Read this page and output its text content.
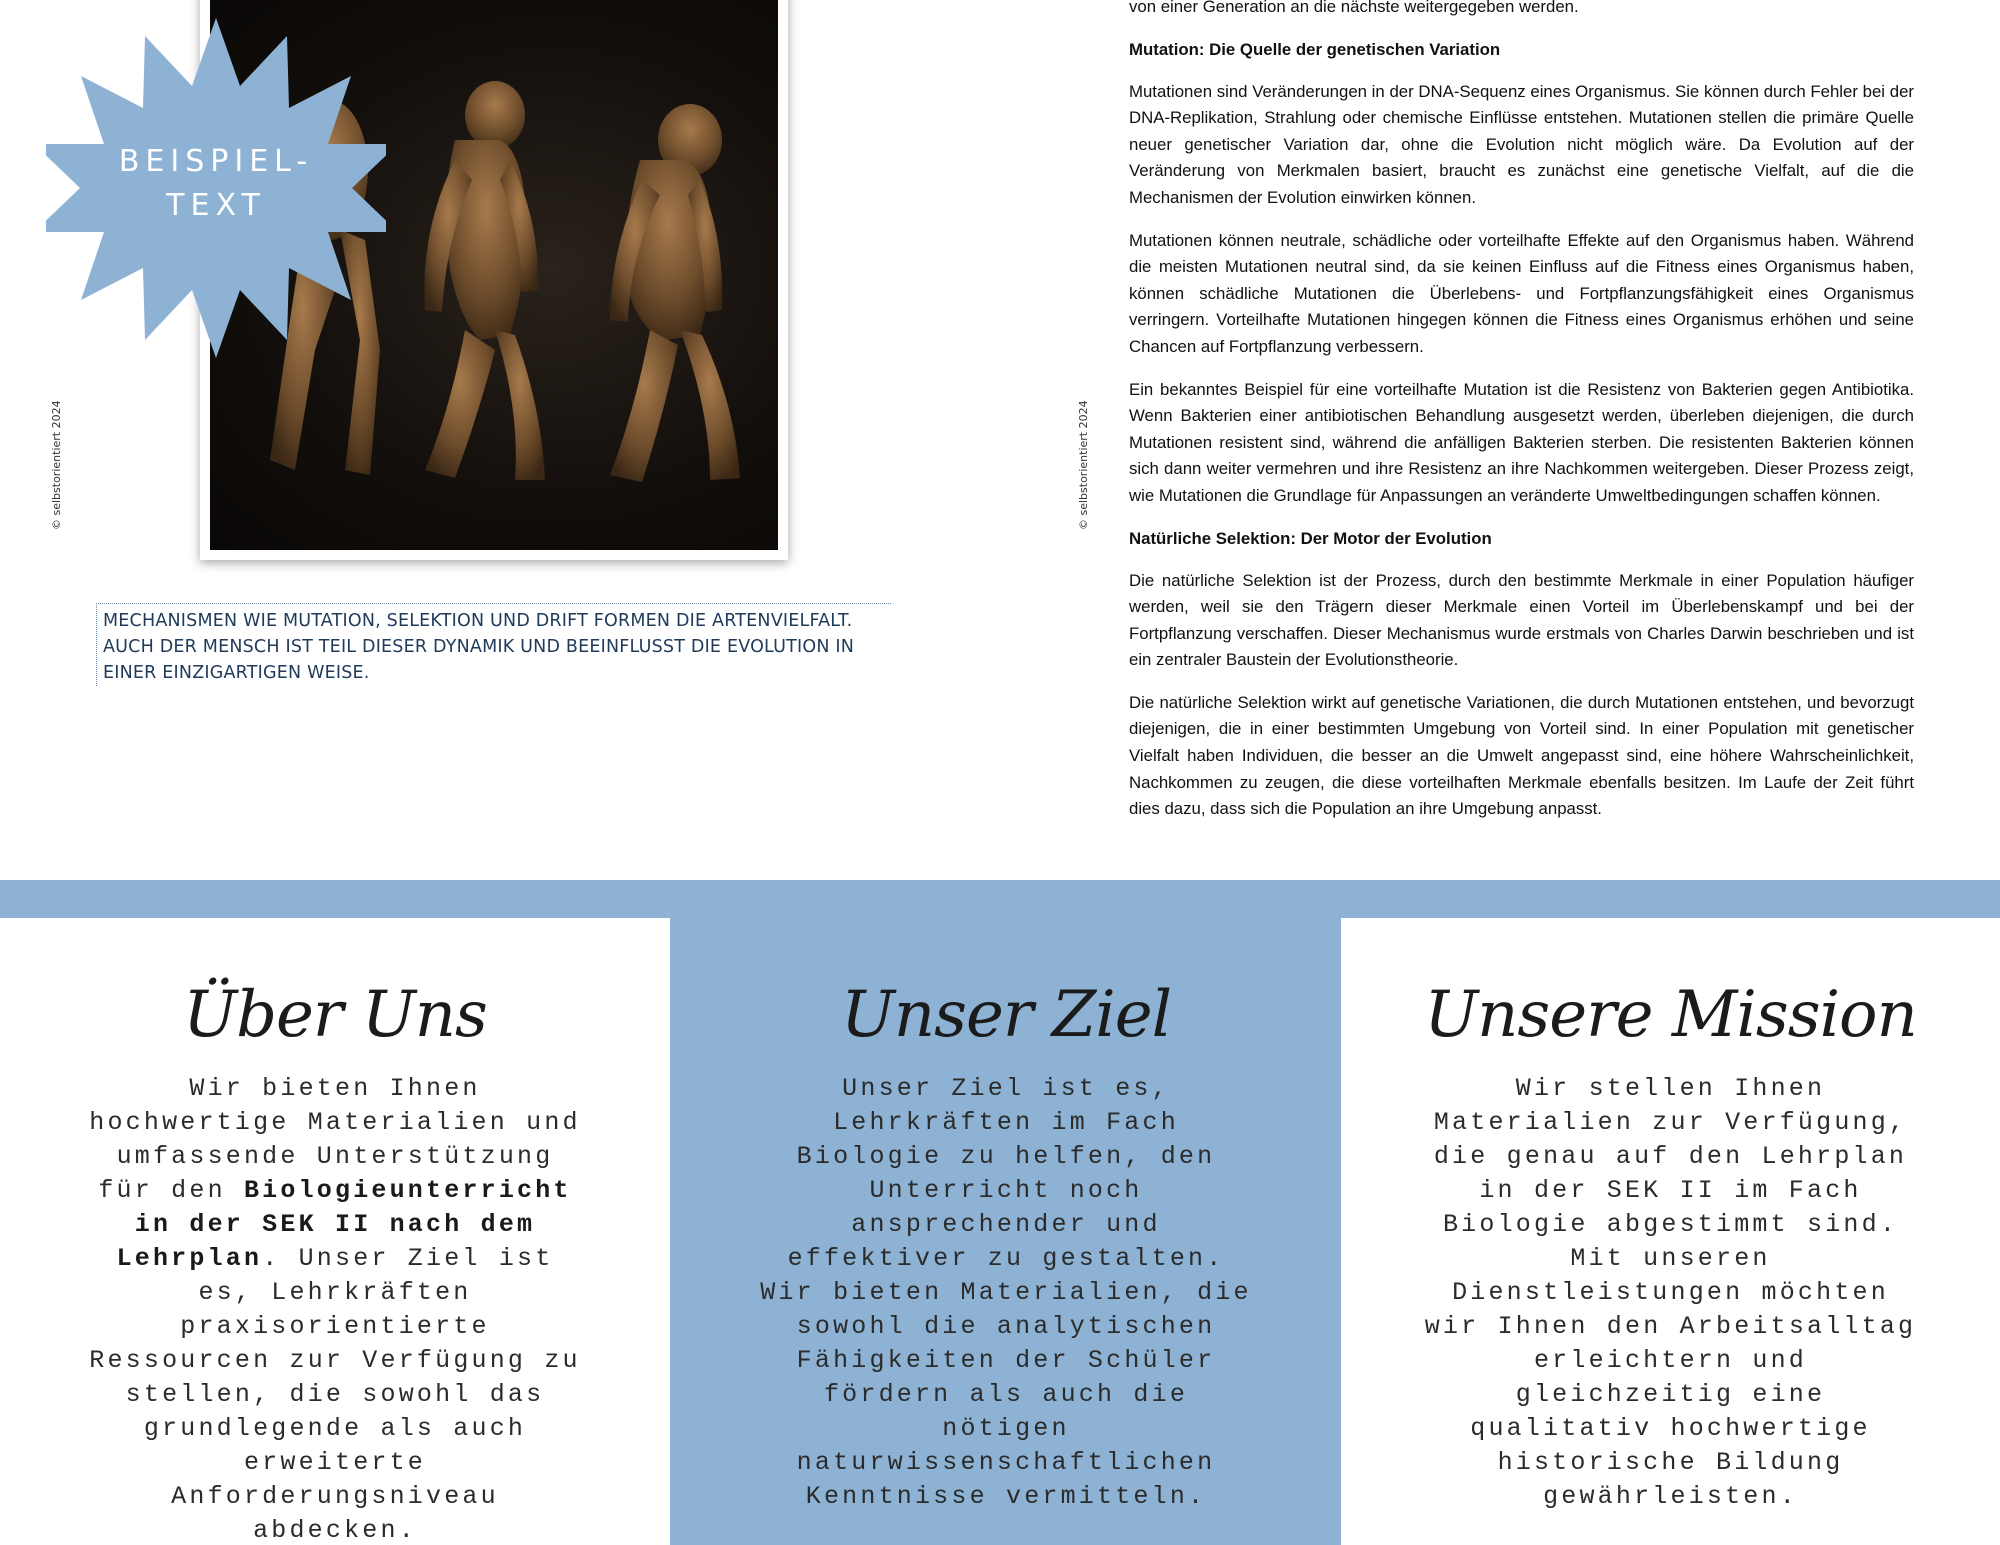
© selbstorientiert 2024	© selbstorientiert 2024
BEISPIEL-
TEXT
MECHANISMEN WIE MUTATION, SELEKTION UND DRIFT FORMEN DIE ARTENVIELFALT. AUCH DER MENSCH IST TEIL DIESER DYNAMIK UND BEEINFLUSST DIE EVOLUTION IN EINER EINZIGARTIGEN WEISE.

von einer Generation an die nächste weitergegeben werden.

Mutation: Die Quelle der genetischen Variation

Mutationen sind Veränderungen in der DNA-Sequenz eines Organismus. Sie können durch Fehler bei der DNA-Replikation, Strahlung oder chemische Einflüsse entstehen. Mutationen stellen die primäre Quelle neuer genetischer Variation dar, ohne die Evolution nicht möglich wäre. Da Evolution auf der Veränderung von Merkmalen basiert, braucht es zunächst eine genetische Vielfalt, auf die die Mechanismen der Evolution einwirken können.

Mutationen können neutrale, schädliche oder vorteilhafte Effekte auf den Organismus haben. Während die meisten Mutationen neutral sind, da sie keinen Einfluss auf die Fitness eines Organismus haben, können schädliche Mutationen die Überlebens- und Fortpflanzungsfähigkeit eines Organismus verringern. Vorteilhafte Mutationen hingegen können die Fitness eines Organismus erhöhen und seine Chancen auf Fortpflanzung verbessern.

Ein bekanntes Beispiel für eine vorteilhafte Mutation ist die Resistenz von Bakterien gegen Antibiotika. Wenn Bakterien einer antibiotischen Behandlung ausgesetzt werden, überleben diejenigen, die durch Mutationen resistent sind, während die anfälligen Bakterien sterben. Die resistenten Bakterien können sich dann weiter vermehren und ihre Resistenz an ihre Nachkommen weitergeben. Dieser Prozess zeigt, wie Mutationen die Grundlage für Anpassungen an veränderte Umweltbedingungen schaffen können.

Natürliche Selektion: Der Motor der Evolution

Die natürliche Selektion ist der Prozess, durch den bestimmte Merkmale in einer Population häufiger werden, weil sie den Trägern dieser Merkmale einen Vorteil im Überlebenskampf und bei der Fortpflanzung verschaffen. Dieser Mechanismus wurde erstmals von Charles Darwin beschrieben und ist ein zentraler Baustein der Evolutionstheorie.

Die natürliche Selektion wirkt auf genetische Variationen, die durch Mutationen entstehen, und bevorzugt diejenigen, die in einer bestimmten Umgebung von Vorteil sind. In einer Population mit genetischer Vielfalt haben Individuen, die besser an die Umwelt angepasst sind, eine höhere Wahrscheinlichkeit, Nachkommen zu zeugen, die diese vorteilhaften Merkmale ebenfalls besitzen. Im Laufe der Zeit führt dies dazu, dass sich die Population an ihre Umgebung anpasst.

Über Uns
Wir bieten Ihnen hochwertige Materialien und umfassende Unterstützung für den Biologieunterricht in der SEK II nach dem Lehrplan. Unser Ziel ist es, Lehrkräften praxisorientierte Ressourcen zur Verfügung zu stellen, die sowohl das grundlegende als auch erweiterte Anforderungsniveau abdecken.
Unser Ziel
Unser Ziel ist es, Lehrkräften im Fach Biologie zu helfen, den Unterricht noch ansprechender und effektiver zu gestalten. Wir bieten Materialien, die sowohl die analytischen Fähigkeiten der Schüler fördern als auch die nötigen naturwissenschaftlichen Kenntnisse vermitteln.
Unsere Mission
Wir stellen Ihnen Materialien zur Verfügung, die genau auf den Lehrplan in der SEK II im Fach Biologie abgestimmt sind. Mit unseren Dienstleistungen möchten wir Ihnen den Arbeitsalltag erleichtern und gleichzeitig eine qualitativ hochwertige historische Bildung gewährleisten.
